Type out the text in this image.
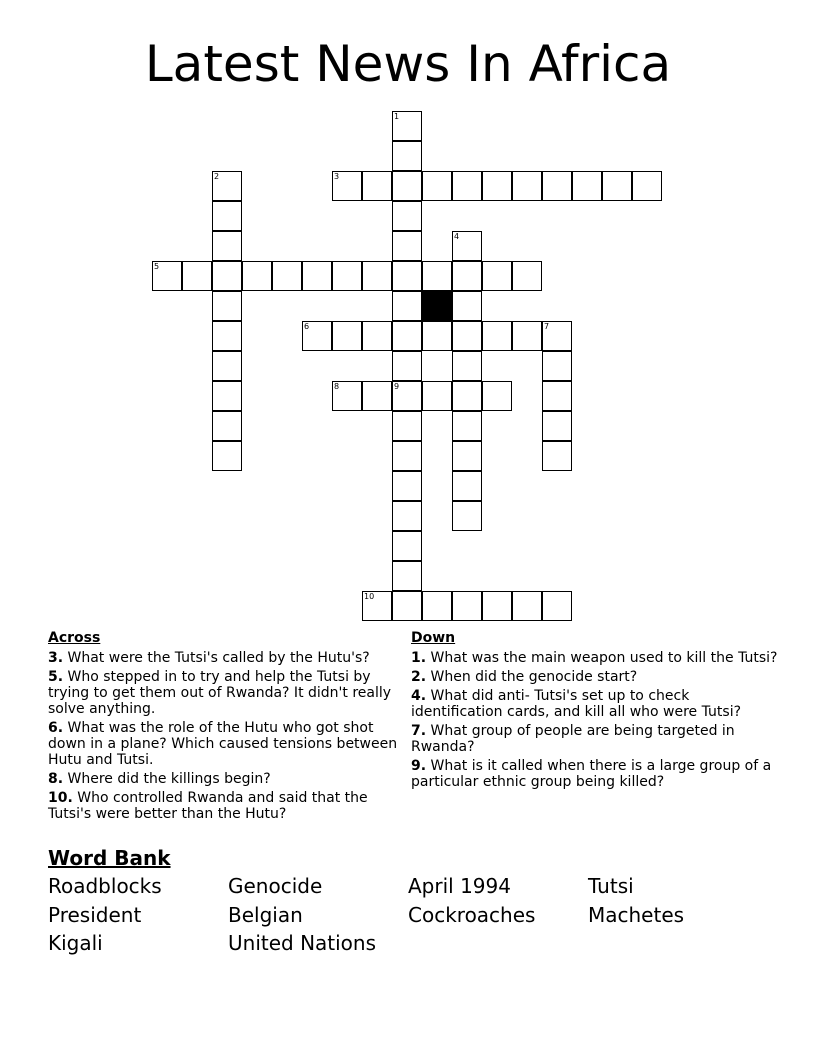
Latest News In Africa
1
9
2	3
4
5
6	7
8
10
Across
3. What were the Tutsi's called by the Hutu's?
5. Who stepped in to try and help the Tutsi by trying to get them out of Rwanda? It didn't really solve anything.
6. What was the role of the Hutu who got shot down in a plane? Which caused tensions between Hutu and Tutsi.
8. Where did the killings begin?
10. Who controlled Rwanda and said that the Tutsi's were better than the Hutu?
Down
1. What was the main weapon used to kill the Tutsi?
2. When did the genocide start?
4. What did anti- Tutsi's set up to check identification cards, and kill all who were Tutsi?
7. What group of people are being targeted in Rwanda?
9. What is it called when there is a large group of a particular ethnic group being killed?
Word Bank
Roadblocks	Genocide	April 1994	Tutsi
President	Belgian	Cockroaches	Machetes
Kigali	United Nations
